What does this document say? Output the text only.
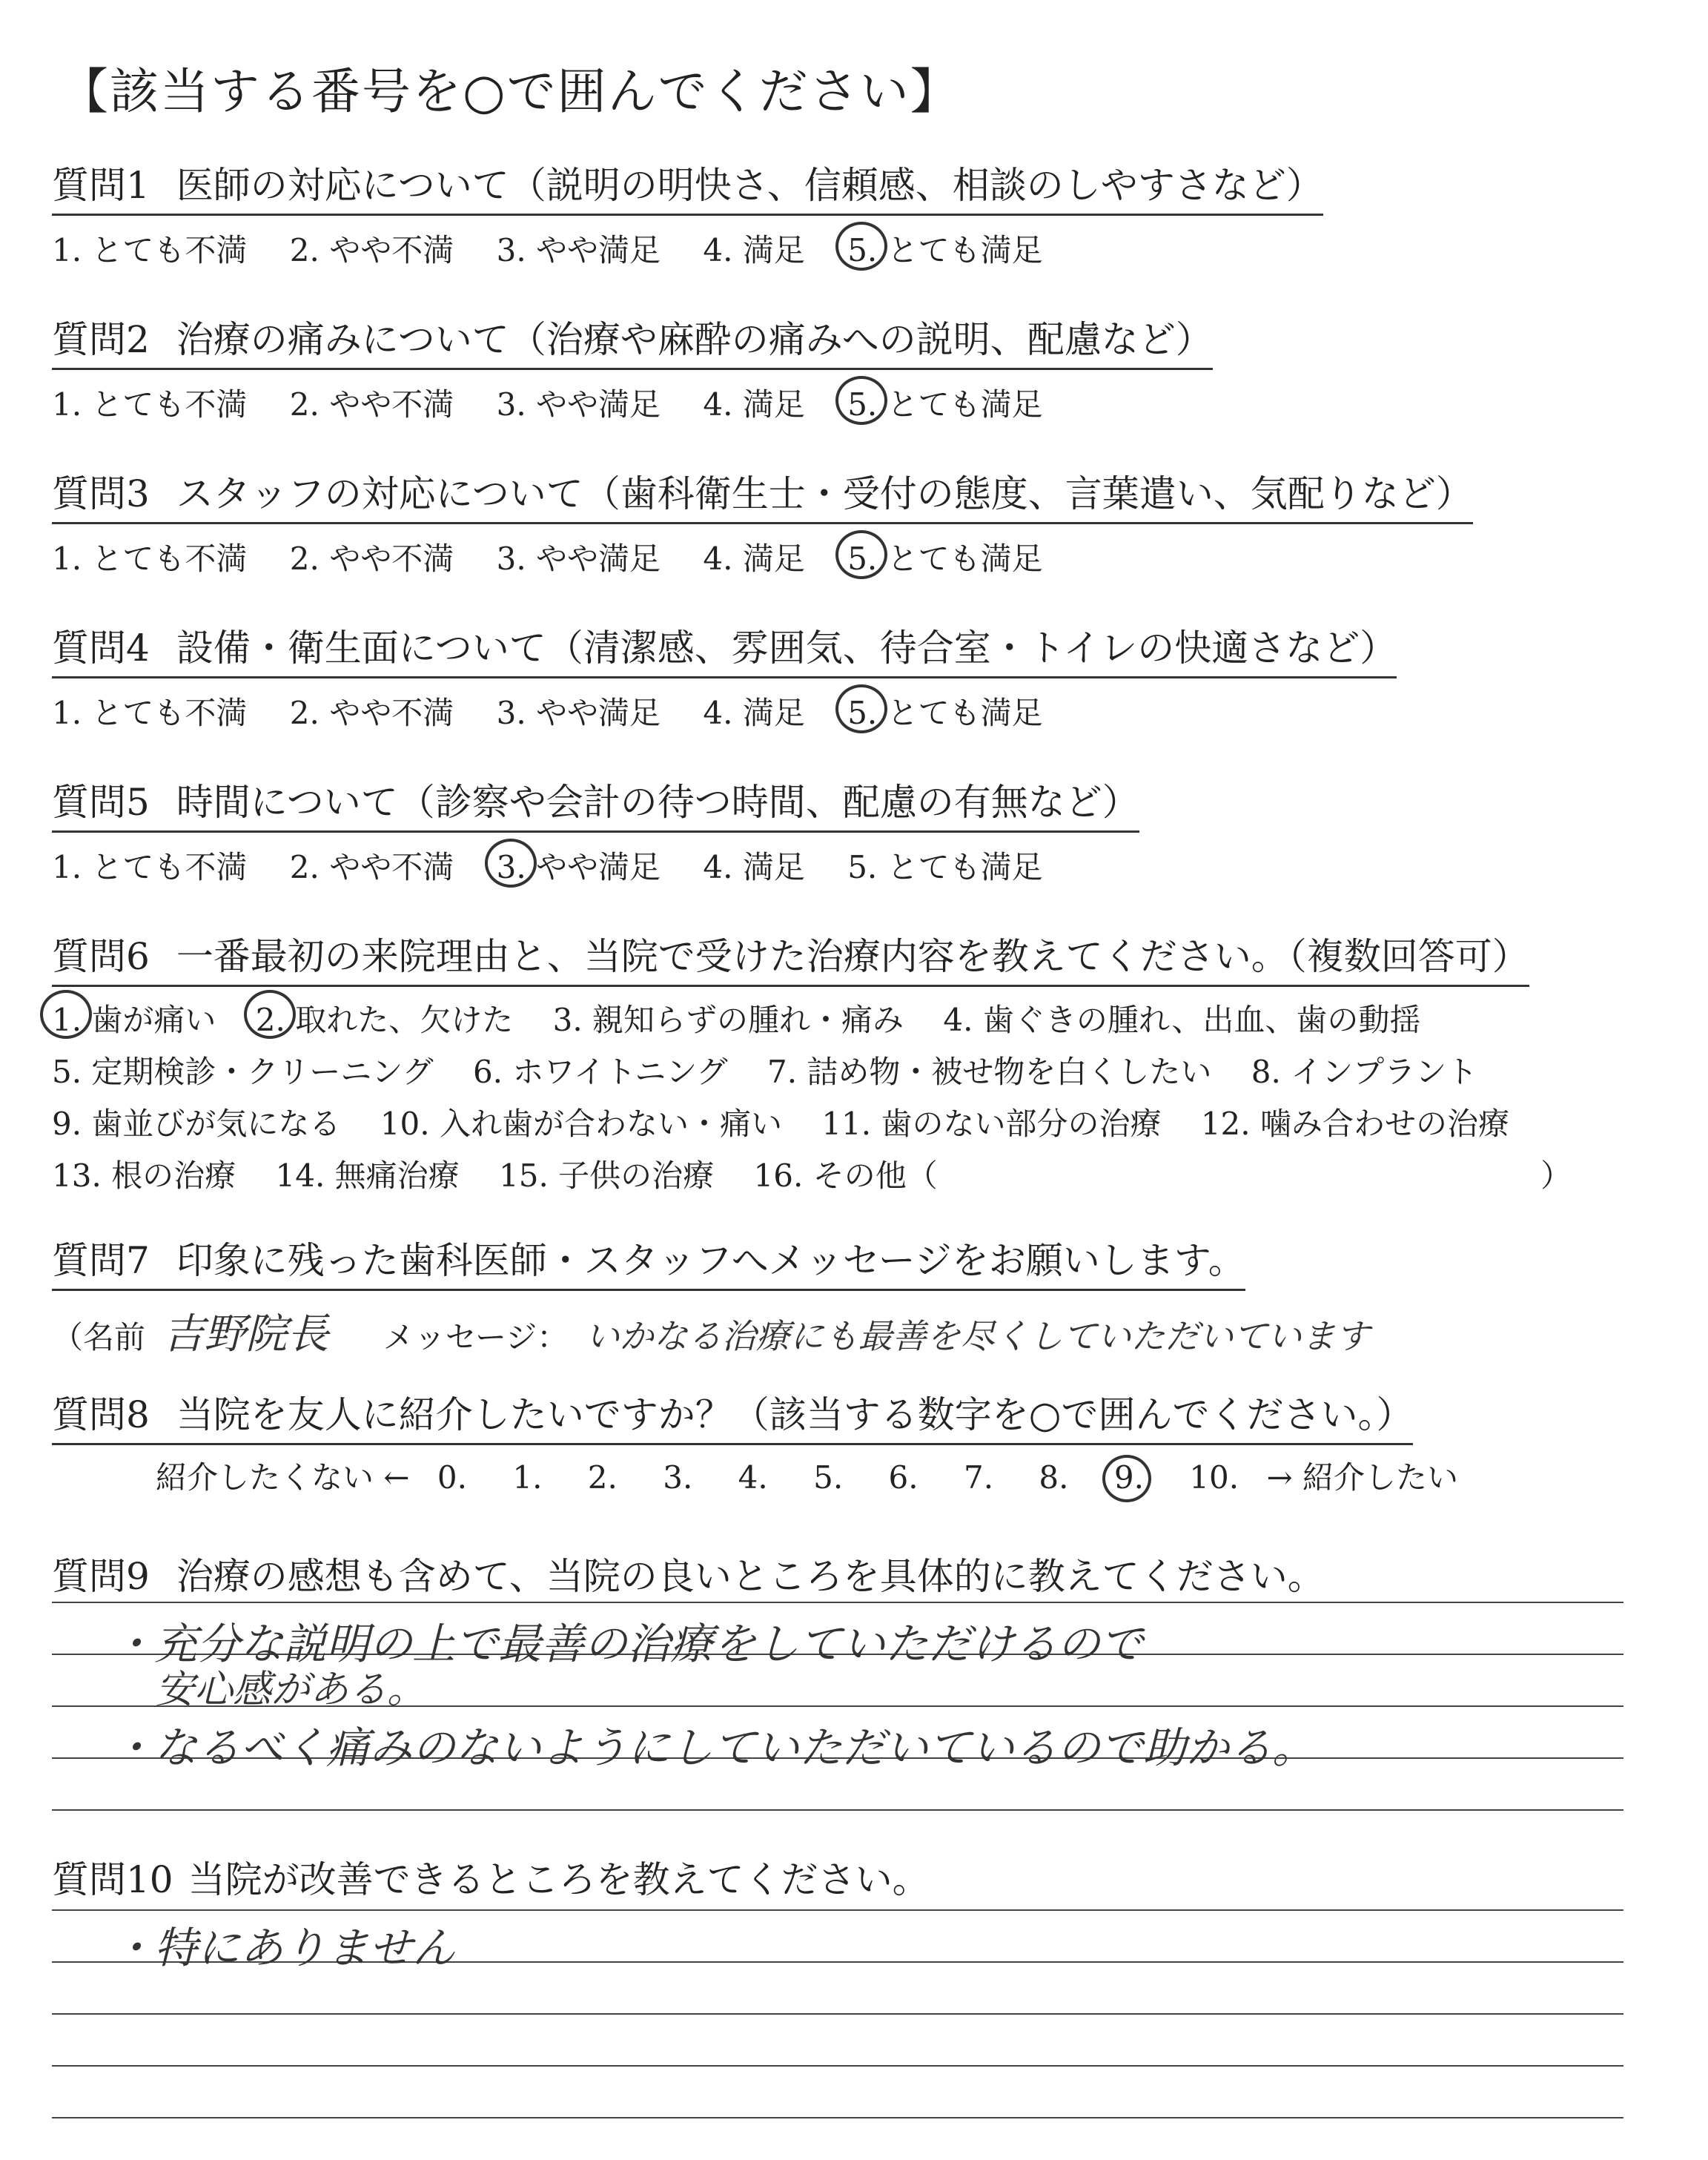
【該当する番号を○で囲んでください】
質問1 医師の対応について（説明の明快さ、信頼感、相談のしやすさなど）
1. とても不満 2. やや不満 3. やや満足 4. 満足 5. とても満足
質問2 治療の痛みについて（治療や麻酔の痛みへの説明、配慮など）
1. とても不満 2. やや不満 3. やや満足 4. 満足 5. とても満足
質問3 スタッフの対応について（歯科衛生士・受付の態度、言葉遣い、気配りなど）
1. とても不満 2. やや不満 3. やや満足 4. 満足 5. とても満足
質問4 設備・衛生面について（清潔感、雰囲気、待合室・トイレの快適さなど）
1. とても不満 2. やや不満 3. やや満足 4. 満足 5. とても満足
質問5 時間について（診察や会計の待つ時間、配慮の有無など）
1. とても不満 2. やや不満 3. やや満足 4. 満足 5. とても満足
質問6 一番最初の来院理由と、当院で受けた治療内容を教えてください。（複数回答可）
1. 歯が痛い 2. 取れた、欠けた 3. 親知らずの腫れ・痛み 4. 歯ぐきの腫れ、出血、歯の動揺
5. 定期検診・クリーニング 6. ホワイトニング 7. 詰め物・被せ物を白くしたい 8. インプラント
9. 歯並びが気になる 10. 入れ歯が合わない・痛い 11. 歯のない部分の治療 12. 噛み合わせの治療
13. 根の治療 14. 無痛治療 15. 子供の治療 16. その他（	）
質問7 印象に残った歯科医師・スタッフへメッセージをお願いします。
（名前 吉野院長 メッセージ： いかなる治療にも最善を尽くしていただいています
質問8 当院を友人に紹介したいですか？（該当する数字を○で囲んでください。）
紹介したくない ← 0. 1. 2. 3. 4. 5. 6. 7. 8. 9. 10. → 紹介したい
質問9 治療の感想も含めて、当院の良いところを具体的に教えてください。
・充分な説明の上で最善の治療をしていただけるので
安心感がある。
・なるべく痛みのないようにしていただいているので助かる。
質問10 当院が改善できるところを教えてください。
・特にありません
